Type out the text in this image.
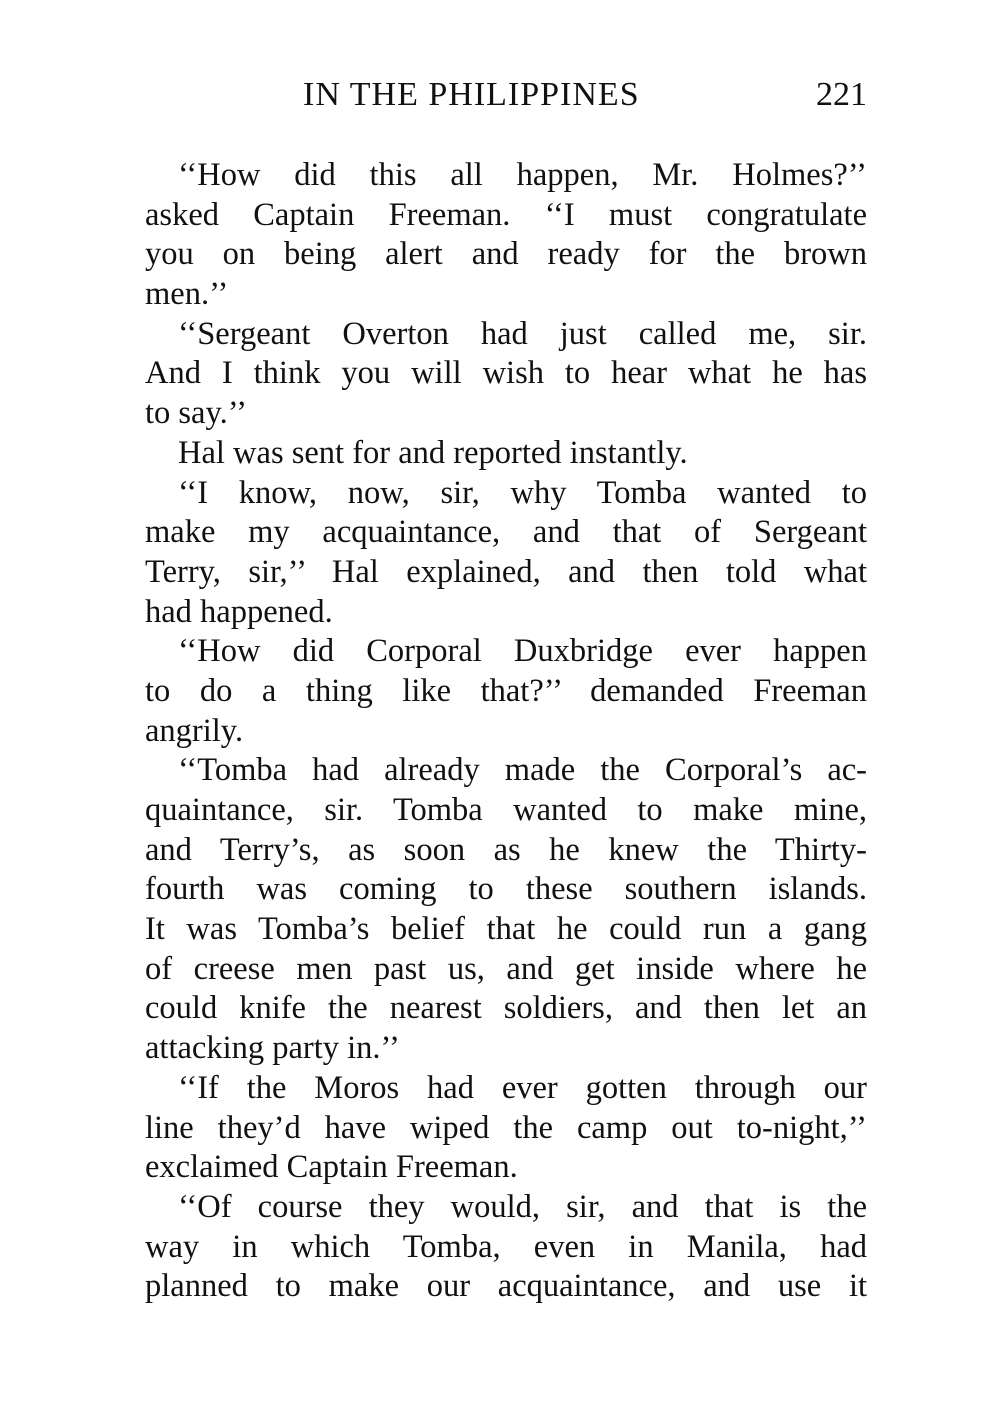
IN THE PHILIPPINES	221
‘‘How did this all happen, Mr. Holmes?’’
asked Captain Freeman. ‘‘I must congratulate
you on being alert and ready for the brown
men.’’
‘‘Sergeant Overton had just called me, sir.
And I think you will wish to hear what he has
to say.’’
Hal was sent for and reported instantly.
‘‘I know, now, sir, why Tomba wanted to
make my acquaintance, and that of Sergeant
Terry, sir,’’ Hal explained, and then told what
had happened.
‘‘How did Corporal Duxbridge ever happen
to do a thing like that?’’ demanded Freeman
angrily.
‘‘Tomba had already made the Corporal’s ac-
quaintance, sir. Tomba wanted to make mine,
and Terry’s, as soon as he knew the Thirty-
fourth was coming to these southern islands.
It was Tomba’s belief that he could run a gang
of creese men past us, and get inside where he
could knife the nearest soldiers, and then let an
attacking party in.’’
‘‘If the Moros had ever gotten through our
line they’d have wiped the camp out to-night,’’
exclaimed Captain Freeman.
‘‘Of course they would, sir, and that is the
way in which Tomba, even in Manila, had
planned to make our acquaintance, and use it
